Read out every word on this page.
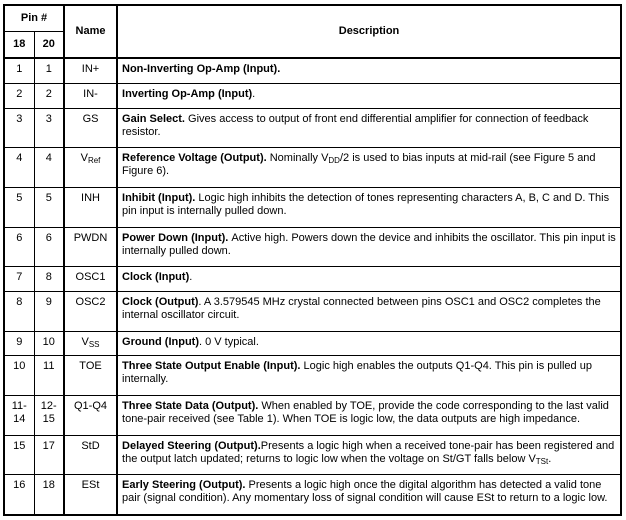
Pin #		Name	Description
18	20		
1	1	IN+	Non-Inverting Op-Amp (Input).
2	2	IN-	Inverting Op-Amp (Input).
3	3	GS	Gain Select. Gives access to output of front end differential amplifier for connection of feedback resistor.
4	4	$V_{Ref}$	Reference Voltage (Output). Nominally $V_{DD}/2$ is used to bias inputs at mid-rail (see Figure 5 and Figure 6).
5	5	INH	Inhibit (Input). Logic high inhibits the detection of tones representing characters A, B, C and D. This pin input is internally pulled down.
6	6	PWDN	Power Down (Input). Active high. Powers down the device and inhibits the oscillator. This pin input is internally pulled down.
7	8	OSC1	Clock (Input).
8	9	OSC2	Clock (Output). A 3.579545 MHz crystal connected between pins OSC1 and OSC2 completes the internal oscillator circuit.
9	10	$V_{SS}$	Ground (Input). 0 V typical.
10	11	TOE	Three State Output Enable (Input). Logic high enables the outputs Q1-Q4. This pin is pulled up internally.
11-14	12-15	Q1-Q4	Three State Data (Output). When enabled by TOE, provide the code corresponding to the last valid tone-pair received (see Table 1). When TOE is logic low, the data outputs are high impedance.
15	17	StD	Delayed Steering (Output).Presents a logic high when a received tone-pair has been registered and the output latch updated; returns to logic low when the voltage on St/GT falls below $V_{TSt}$.
16	18	ESt	Early Steering (Output). Presents a logic high once the digital algorithm has detected a valid tone pair (signal condition). Any momentary loss of signal condition will cause ESt to return to a logic low.
